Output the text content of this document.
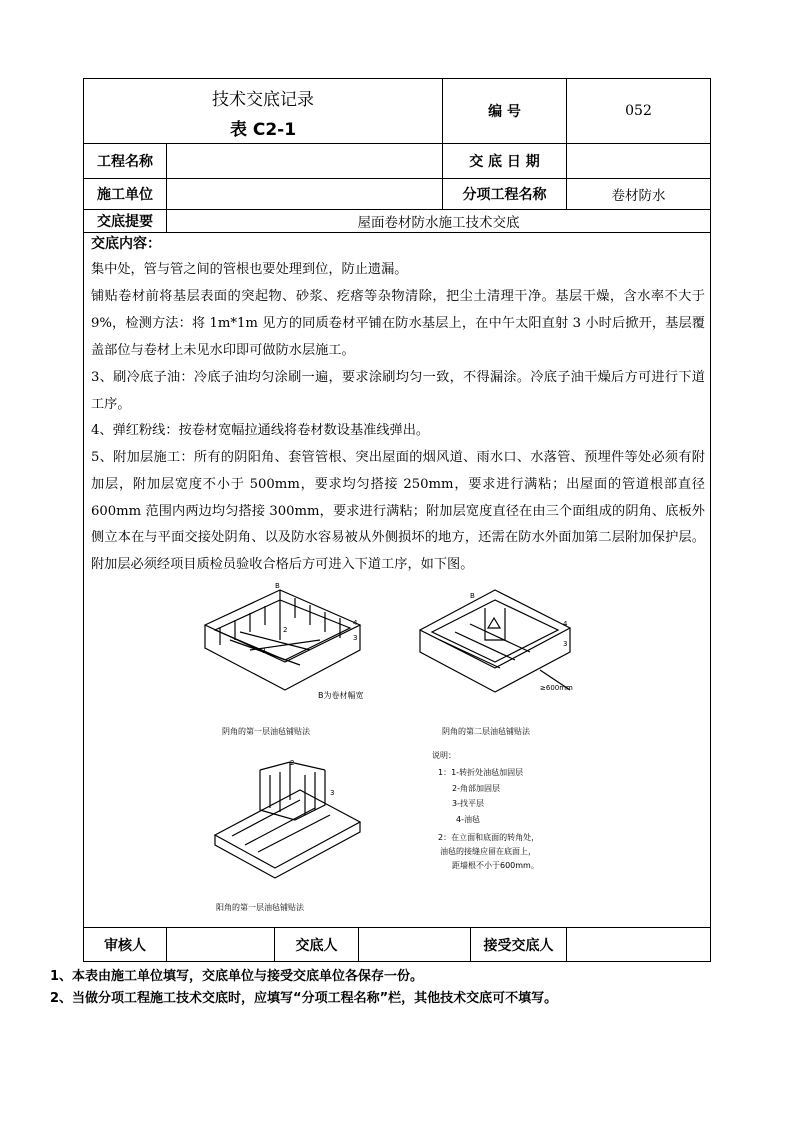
技术交底记录
表 C2-1
编 号	052
工程名称	交 底 日 期
施工单位	分项工程名称	卷材防水
交底提要	屋面卷材防水施工技术交底
交底内容：
集中处，管与管之间的管根也要处理到位，防止遗漏。
铺贴卷材前将基层表面的突起物、砂浆、疙瘩等杂物清除，把尘土清理干净。基层干燥，含水率不大于 9%，检测方法：将 1m*1m 见方的同质卷材平铺在防水基层上，在中午太阳直射 3 小时后掀开，基层覆盖部位与卷材上未见水印即可做防水层施工。
3、刷冷底子油：冷底子油均匀涂刷一遍，要求涂刷均匀一致，不得漏涂。冷底子油干燥后方可进行下道工序。
4、弹红粉线：按卷材宽幅拉通线将卷材数设基准线弹出。
5、附加层施工：所有的阴阳角、套管管根、突出屋面的烟风道、雨水口、水落管、预埋件等处必须有附加层，附加层宽度不小于 500mm，要求均匀搭接 250mm，要求进行满粘；出屋面的管道根部直径 600mm 范围内两边均匀搭接 300mm，要求进行满粘；附加层宽度直径在由三个面组成的阴角、底板外侧立本在与平面交接处阴角、以及防水容易被从外侧损坏的地方，还需在防水外面加第二层附加保护层。附加层必须经项目质检员验收合格后方可进入下道工序，如下图。
4
3
1
2
B
B
4
3
2
3
≥600mm
B为卷材幅宽
阴角的第一层油毡铺贴法	阴角的第二层油毡铺贴法
阳角的第一层油毡铺贴法
说明：
1：1-转折处油毡加固层
2-角部加固层
3-找平层
4-油毡
2：在立面和底面的转角处，
油毡的接缝应留在底面上，
距墙根不小于600mm。
审核人	交底人	接受交底人
1、本表由施工单位填写，交底单位与接受交底单位各保存一份。
2、当做分项工程施工技术交底时，应填写“分项工程名称”栏，其他技术交底可不填写。
